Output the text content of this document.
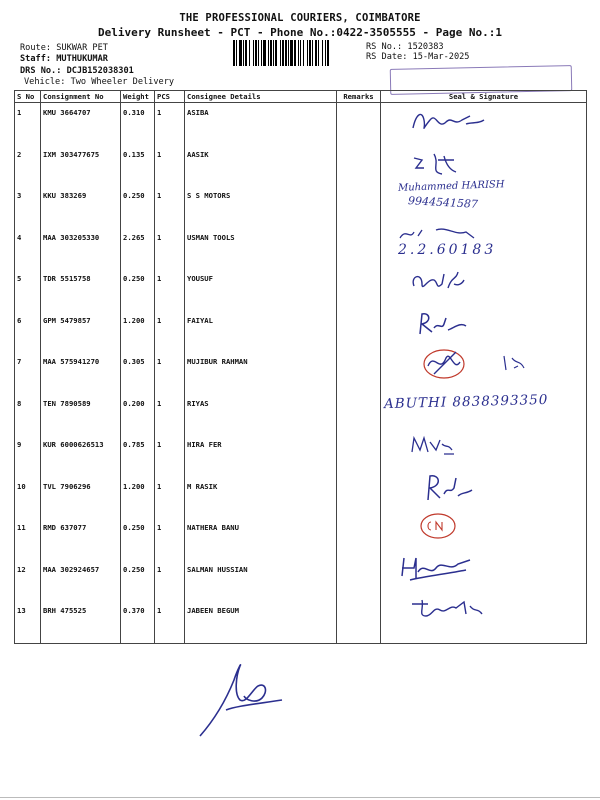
THE PROFESSIONAL COURIERS, COIMBATORE
Delivery Runsheet - PCT - Phone No.:0422-3505555 - Page No.:1
Route: SUKWAR PET
Staff: MUTHUKUMAR
DRS No.: DCJB152038301
Vehicle: Two Wheeler Delivery
RS No.: 1520383
RS Date: 15-Mar-2025
S No	Consignment No	Weight	PCS	Consignee Details	Remarks	Seal & Signature
1	KMU 3664707	0.310	1	ASIBA		
2	IXM 303477675	0.135	1	AASIK		
3	KKU 383269	0.250	1	S S MOTORS		
4	MAA 303205330	2.265	1	USMAN TOOLS		
5	TDR 5515758	0.250	1	YOUSUF		
6	GPM 5479857	1.200	1	FAIYAL		
7	MAA 575941270	0.305	1	MUJIBUR RAHMAN		
8	TEN 7890589	0.200	1	RIYAS		
9	KUR 6000626513	0.785	1	HIRA FER		
10	TVL 7906296	1.200	1	M RASIK		
11	RMD 637077	0.250	1	NATHERA BANU		
12	MAA 302924657	0.250	1	SALMAN HUSSIAN		
13	BRH 475525	0.370	1	JABEEN BEGUM		
Muhammed HARISH
9944541587
2.2.60183
ABUTHI 8838393350
